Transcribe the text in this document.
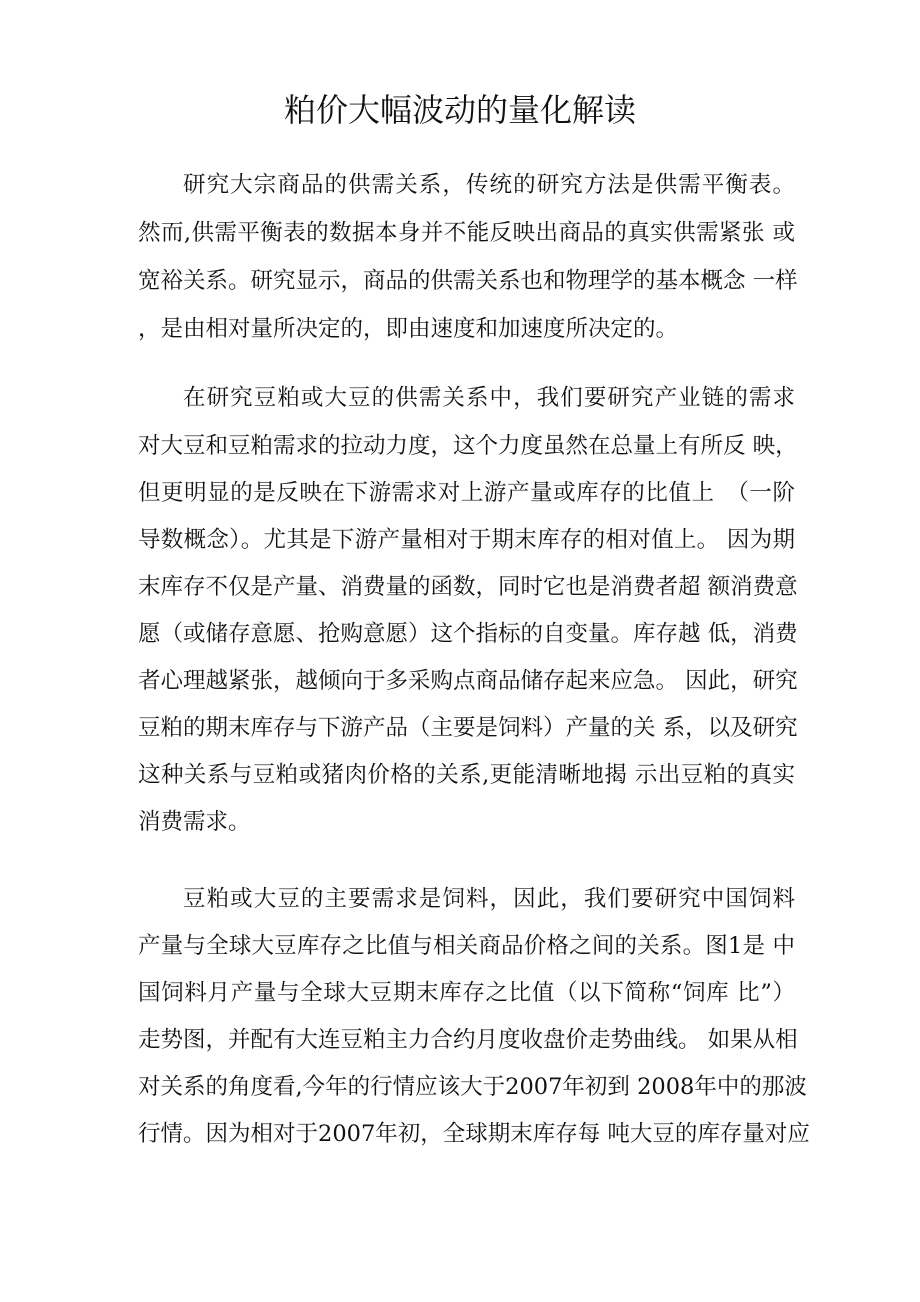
粕价大幅波动的量化解读
研究大宗商品的供需关系，传统的研究方法是供需平衡表。
然而,供需平衡表的数据本身并不能反映出商品的真实供需紧张 或
宽裕关系。研究显示，商品的供需关系也和物理学的基本概念 一样
，是由相对量所决定的，即由速度和加速度所决定的。
在研究豆粕或大豆的供需关系中，我们要研究产业链的需求
对大豆和豆粕需求的拉动力度，这个力度虽然在总量上有所反 映，
但更明显的是反映在下游需求对上游产量或库存的比值上　（一阶
导数概念）。尤其是下游产量相对于期末库存的相对值上。 因为期
末库存不仅是产量、消费量的函数，同时它也是消费者超 额消费意
愿（或储存意愿、抢购意愿）这个指标的自变量。库存越 低，消费
者心理越紧张，越倾向于多采购点商品储存起来应急。 因此，研究
豆粕的期末库存与下游产品（主要是饲料）产量的关 系，以及研究
这种关系与豆粕或猪肉价格的关系,更能清晰地揭 示出豆粕的真实
消费需求。
豆粕或大豆的主要需求是饲料，因此，我们要研究中国饲料
产量与全球大豆库存之比值与相关商品价格之间的关系。图1是 中
国饲料月产量与全球大豆期末库存之比值（以下简称“饲库 比”）
走势图，并配有大连豆粕主力合约月度收盘价走势曲线。 如果从相
对关系的角度看,今年的行情应该大于2007年初到 2008年中的那波
行情。因为相对于2007年初，全球期末库存每 吨大豆的库存量对应
